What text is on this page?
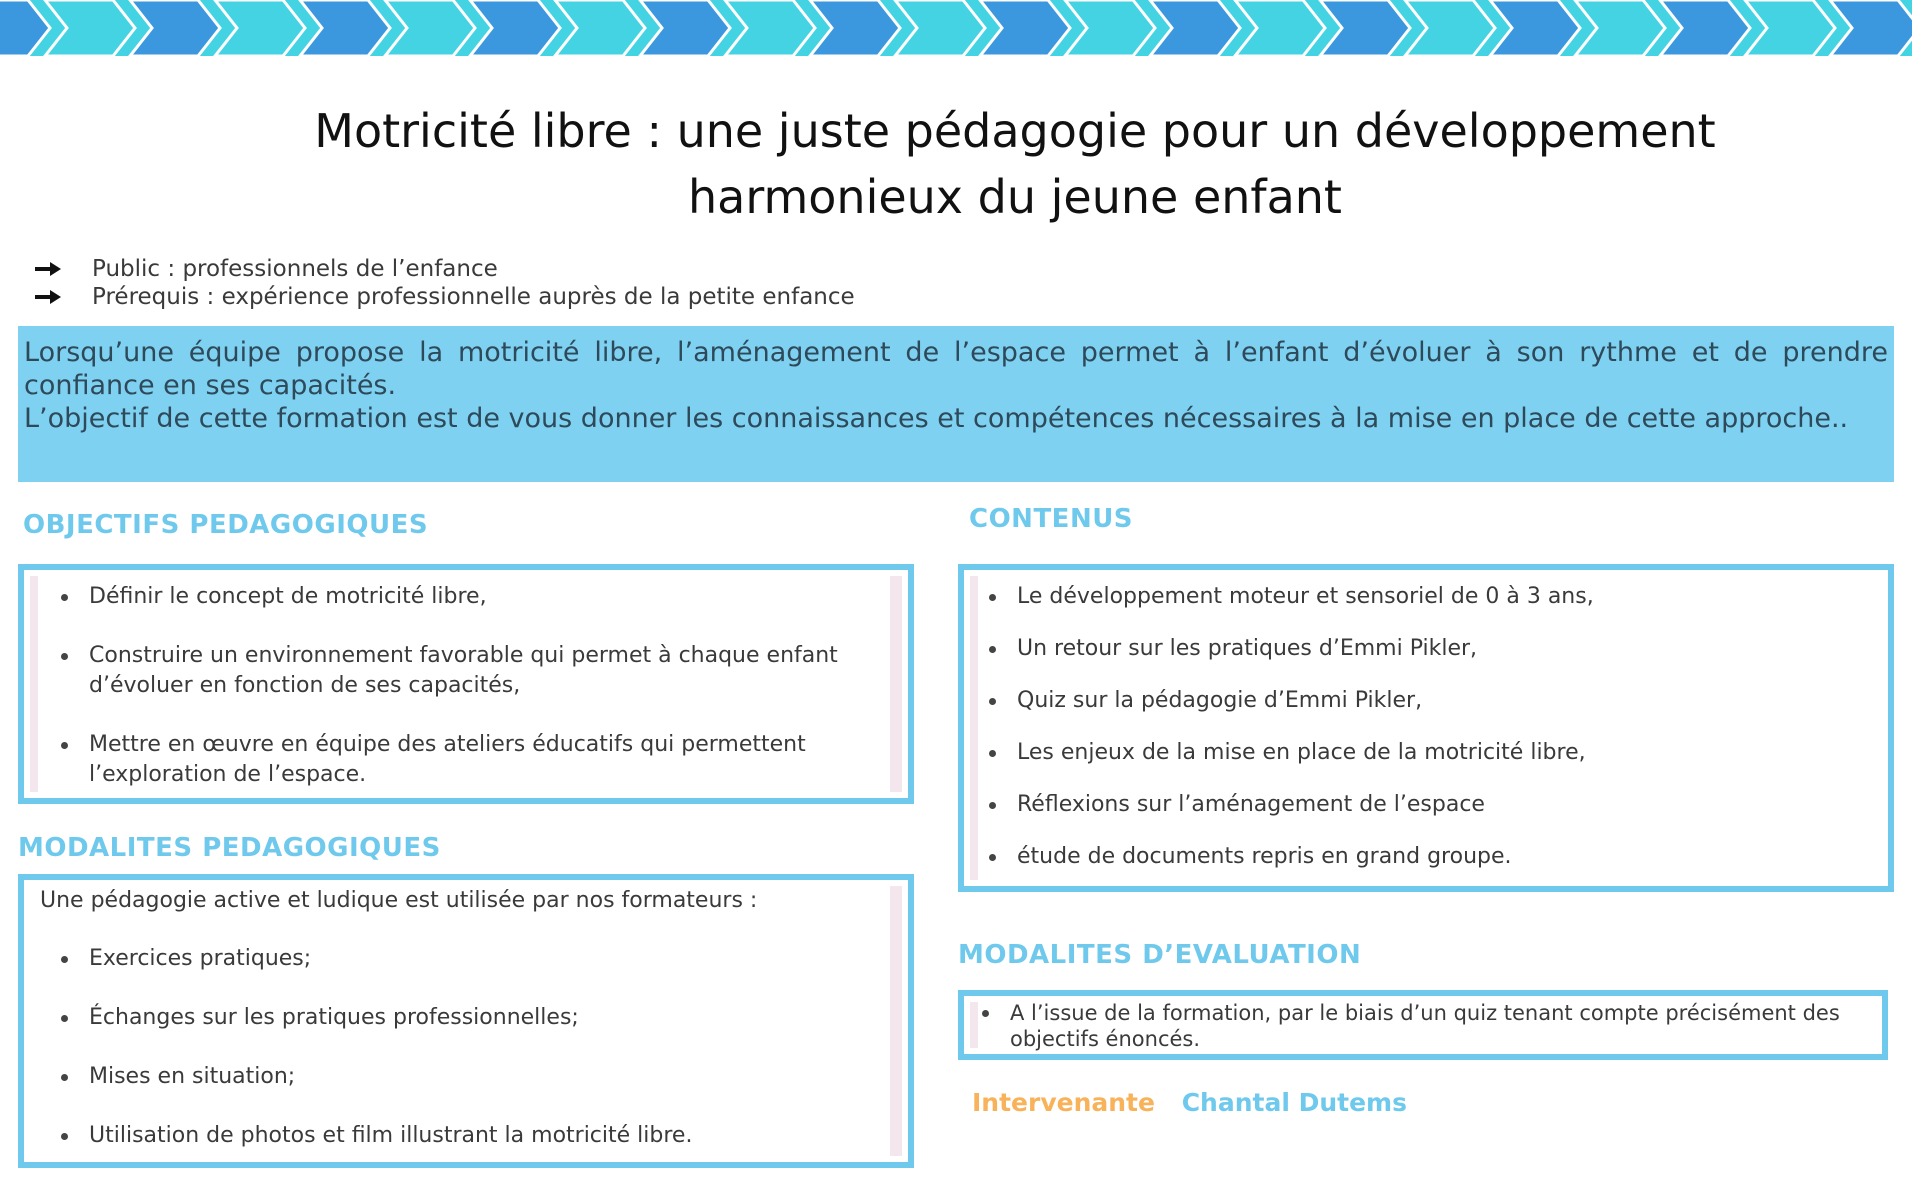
Motricité libre : une juste pédagogie pour un développement
harmonieux du jeune enfant
Public : professionnels de l’enfance
Prérequis : expérience professionnelle auprès de la petite enfance

Lorsqu’une équipe propose la motricité libre, l’aménagement de l’espace permet à l’enfant d’évoluer à son rythme et de prendre confiance en ses capacités.

L’objectif de cette formation est de vous donner les connaissances et compétences nécessaires à la mise en place de cette approche..

OBJECTIFS PEDAGOGIQUES
Définir le concept de motricité libre,
Construire un environnement favorable qui permet à chaque enfant d’évoluer en fonction de ses capacités,
Mettre en œuvre en équipe des ateliers éducatifs qui permettent l’exploration de l’espace.
MODALITES PEDAGOGIQUES
Une pédagogie active et ludique est utilisée par nos formateurs :
Exercices pratiques;
Échanges sur les pratiques professionnelles;
Mises en situation;
Utilisation de photos et film illustrant la motricité libre.
CONTENUS
Le développement moteur et sensoriel de 0 à 3 ans,
Un retour sur les pratiques d’Emmi Pikler,
Quiz sur la pédagogie d’Emmi Pikler,
Les enjeux de la mise en place de la motricité libre,
Réflexions sur l’aménagement de l’espace
étude de documents repris en grand groupe.
MODALITES D’EVALUATION
A l’issue de la formation, par le biais d’un quiz tenant compte précisément des objectifs énoncés.
Intervenante Chantal Dutems
